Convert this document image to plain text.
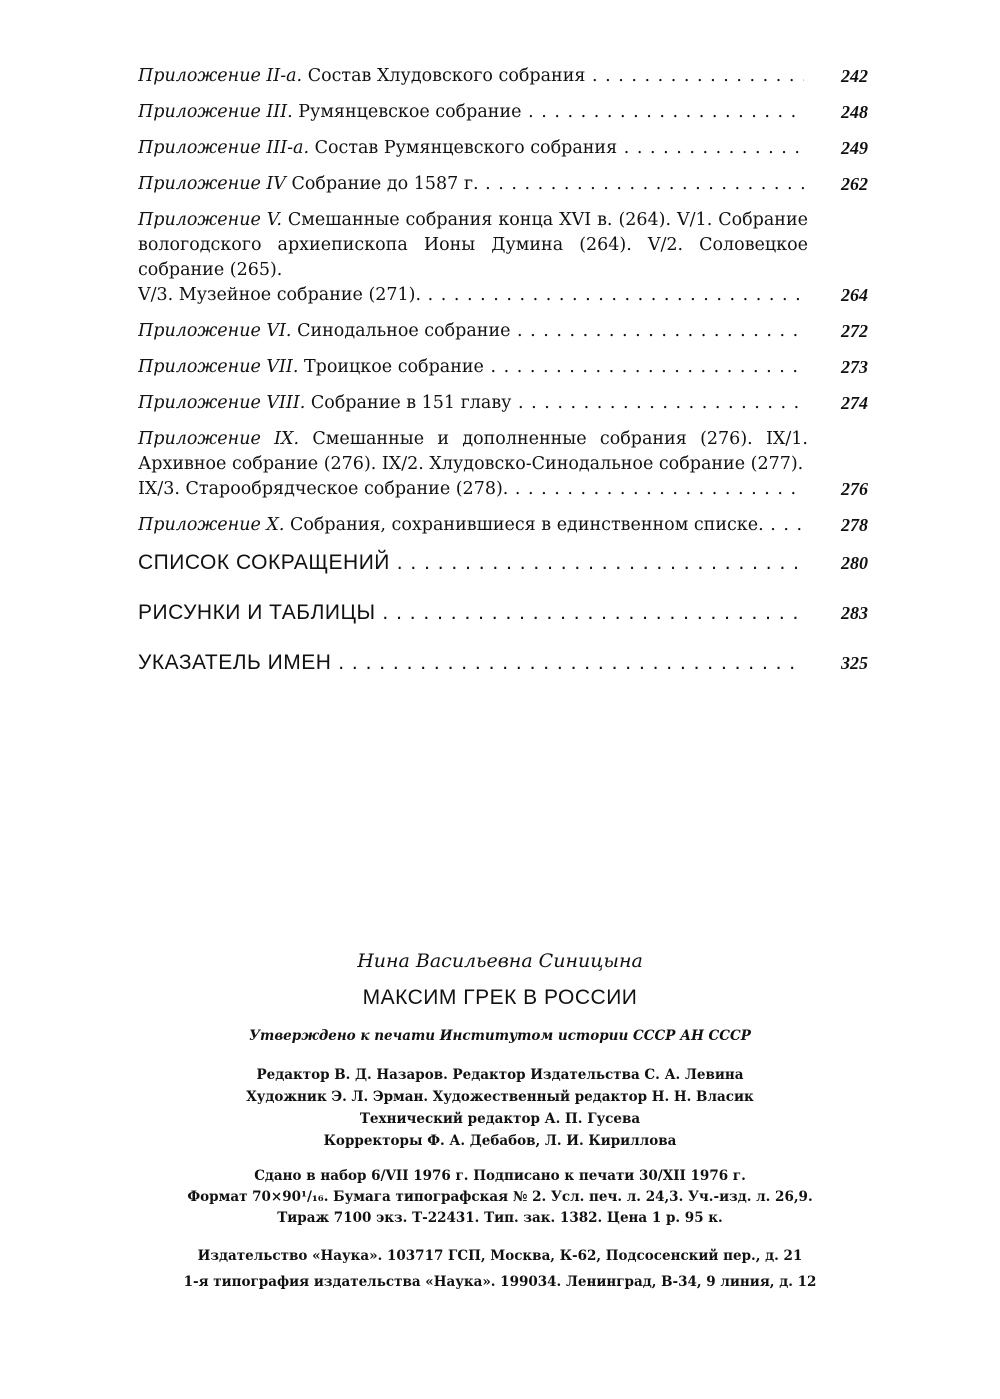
Приложение II-а. Состав Хлудовского собрания . . .	242
Приложение III. Румянцевское собрание . . .	248
Приложение III-а. Состав Румянцевского собрания . . .	249
Приложение IV Собрание до 1587 г. . . .	262
Приложение V. Смешанные собрания конца XVI в. (264). V/1. Собрание вологодского архиепископа Ионы Думина (264). V/2. Соловецкое собрание (265).
V/3. Музейное собрание (271). . . .	264
Приложение VI. Синодальное собрание . . .	272
Приложение VII. Троицкое собрание . . .	273
Приложение VIII. Собрание в 151 главу . . .	274
Приложение IX. Смешанные и дополненные собрания (276). IX/1. Архивное собрание (276). IX/2. Хлудовско-Синодальное собрание (277).
IX/3. Старообрядческое собрание (278). . . .	276
Приложение X. Собрания, сохранившиеся в единственном списке. . . .	278
СПИСОК СОКРАЩЕНИЙ . . .	280
РИСУНКИ И ТАБЛИЦЫ . . .	283
УКАЗАТЕЛЬ ИМЕН . . .	325
Нина Васильевна Синицына
МАКСИМ ГРЕК В РОССИИ
Утверждено к печати Институтом истории СССР АН СССР
Редактор В. Д. Назаров. Редактор Издательства С. А. Левина
Художник Э. Л. Эрман. Художественный редактор Н. Н. Власик
Технический редактор А. П. Гусева
Корректоры Ф. А. Дебабов, Л. И. Кириллова
Сдано в набор 6/VII 1976 г. Подписано к печати 30/XII 1976 г.
Формат 70×90¹/₁₆. Бумага типографская № 2. Усл. печ. л. 24,3. Уч.-изд. л. 26,9.
Тираж 7100 экз. Т-22431. Тип. зак. 1382. Цена 1 р. 95 к.
Издательство «Наука». 103717 ГСП, Москва, К-62, Подсосенский пер., д. 21
1-я типография издательства «Наука». 199034. Ленинград, В-34, 9 линия, д. 12
